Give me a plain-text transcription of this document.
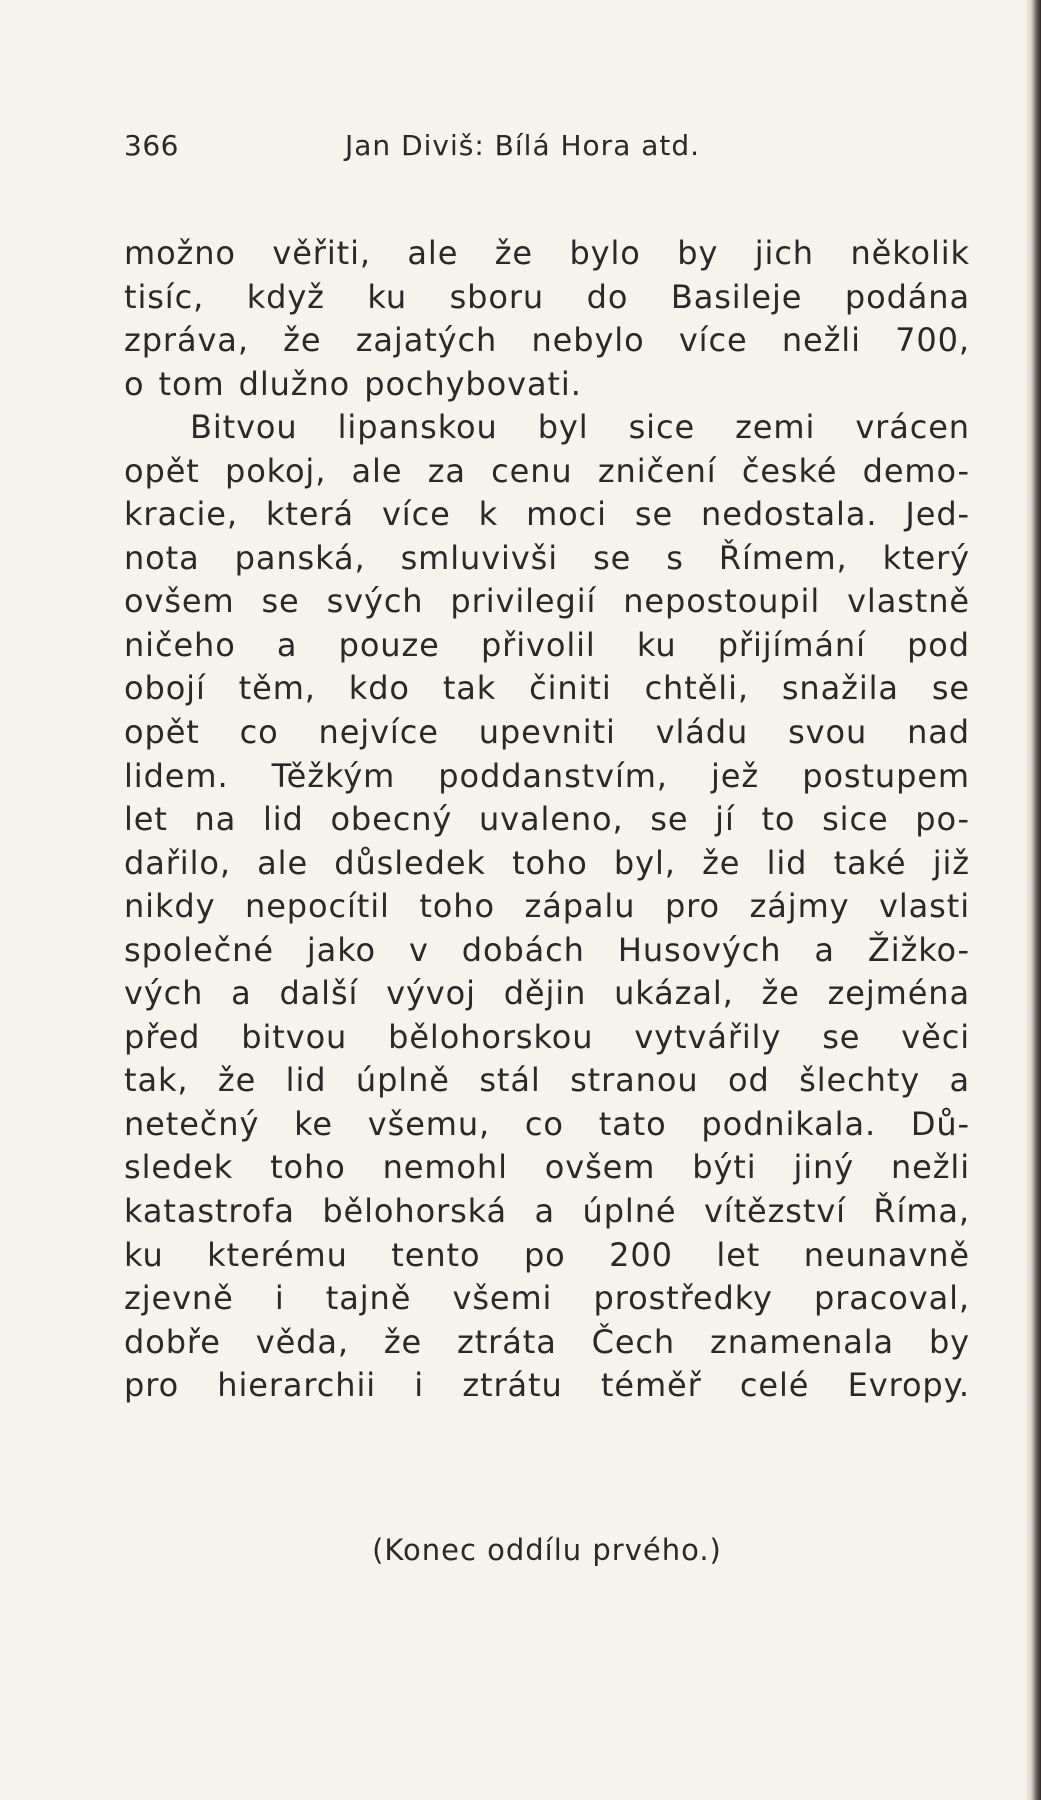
366	Jan Diviš: Bílá Hora atd.
možno věřiti, ale že bylo by jich několik
tisíc, když ku sboru do Basileje podána
zpráva, že zajatých nebylo více nežli 700,
o tom dlužno pochybovati.
Bitvou lipanskou byl sice zemi vrácen
opět pokoj, ale za cenu zničení české demo-
kracie, která více k moci se nedostala. Jed-
nota panská, smluvivši se s Římem, který
ovšem se svých privilegií nepostoupil vlastně
ničeho a pouze přivolil ku přijímání pod
obojí těm, kdo tak činiti chtěli, snažila se
opět co nejvíce upevniti vládu svou nad
lidem. Těžkým poddanstvím, jež postupem
let na lid obecný uvaleno, se jí to sice po-
dařilo, ale důsledek toho byl, že lid také již
nikdy nepocítil toho zápalu pro zájmy vlasti
společné jako v dobách Husových a Žižko-
vých a další vývoj dějin ukázal, že zejména
před bitvou bělohorskou vytvářily se věci
tak, že lid úplně stál stranou od šlechty a
netečný ke všemu, co tato podnikala. Dů-
sledek toho nemohl ovšem býti jiný nežli
katastrofa bělohorská a úplné vítězství Říma,
ku kterému tento po 200 let neunavně
zjevně i tajně všemi prostředky pracoval,
dobře věda, že ztráta Čech znamenala by
pro hierarchii i ztrátu téměř celé Evropy.
(Konec oddílu prvého.)
